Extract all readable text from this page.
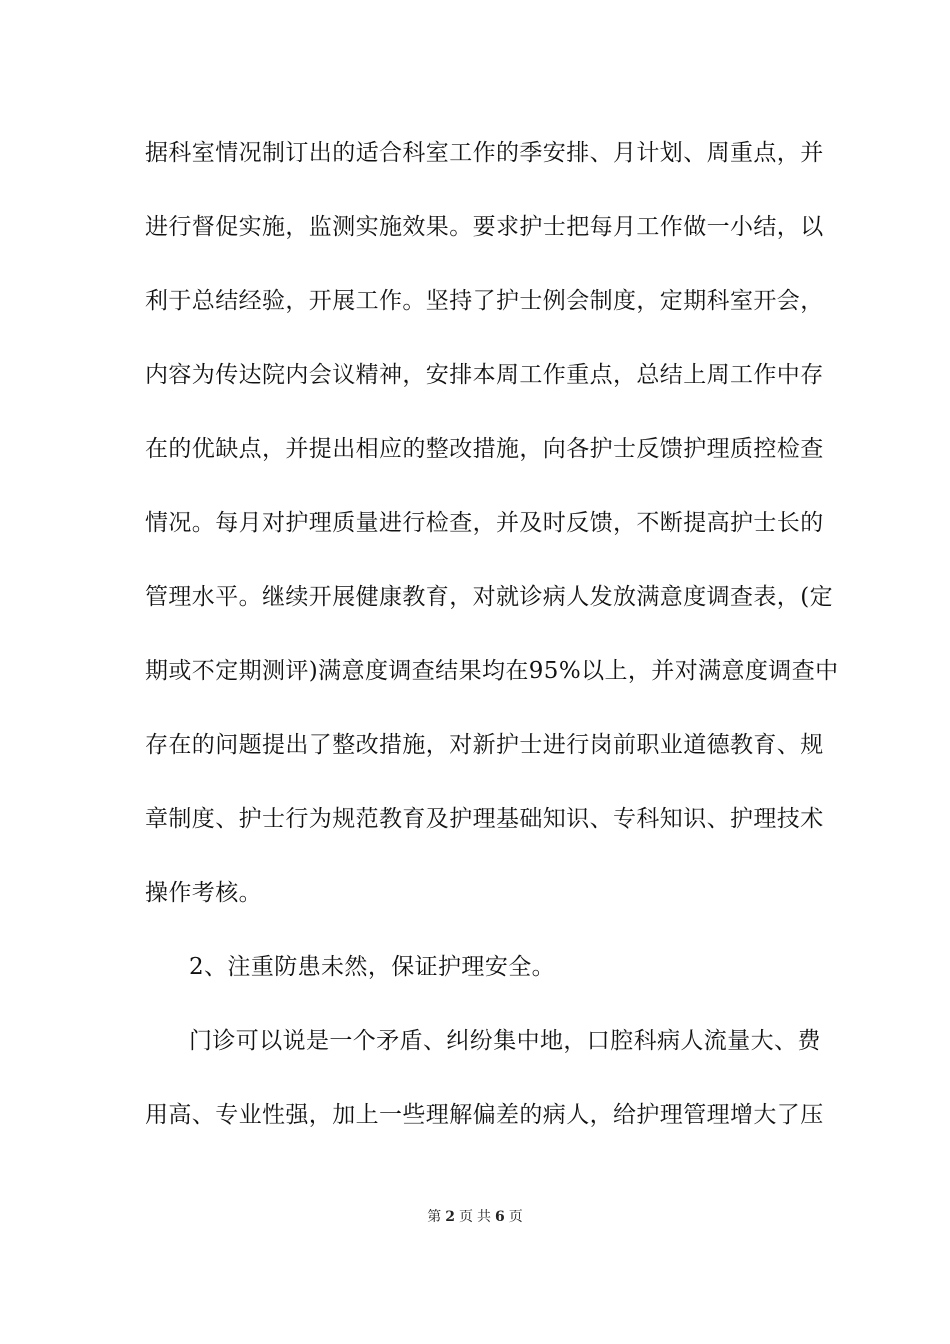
据科室情况制订出的适合科室工作的季安排、月计划、周重点，并
进行督促实施，监测实施效果。要求护士把每月工作做一小结，以
利于总结经验，开展工作。坚持了护士例会制度，定期科室开会，
内容为传达院内会议精神，安排本周工作重点，总结上周工作中存
在的优缺点，并提出相应的整改措施，向各护士反馈护理质控检查
情况。每月对护理质量进行检查，并及时反馈，不断提高护士长的
管理水平。继续开展健康教育，对就诊病人发放满意度调查表，(定
期或不定期测评)满意度调查结果均在95%以上，并对满意度调查中
存在的问题提出了整改措施，对新护士进行岗前职业道德教育、规
章制度、护士行为规范教育及护理基础知识、专科知识、护理技术
操作考核。
2、注重防患未然，保证护理安全。
门诊可以说是一个矛盾、纠纷集中地，口腔科病人流量大、费
用高、专业性强，加上一些理解偏差的病人，给护理管理增大了压
第 2 页 共 6 页
